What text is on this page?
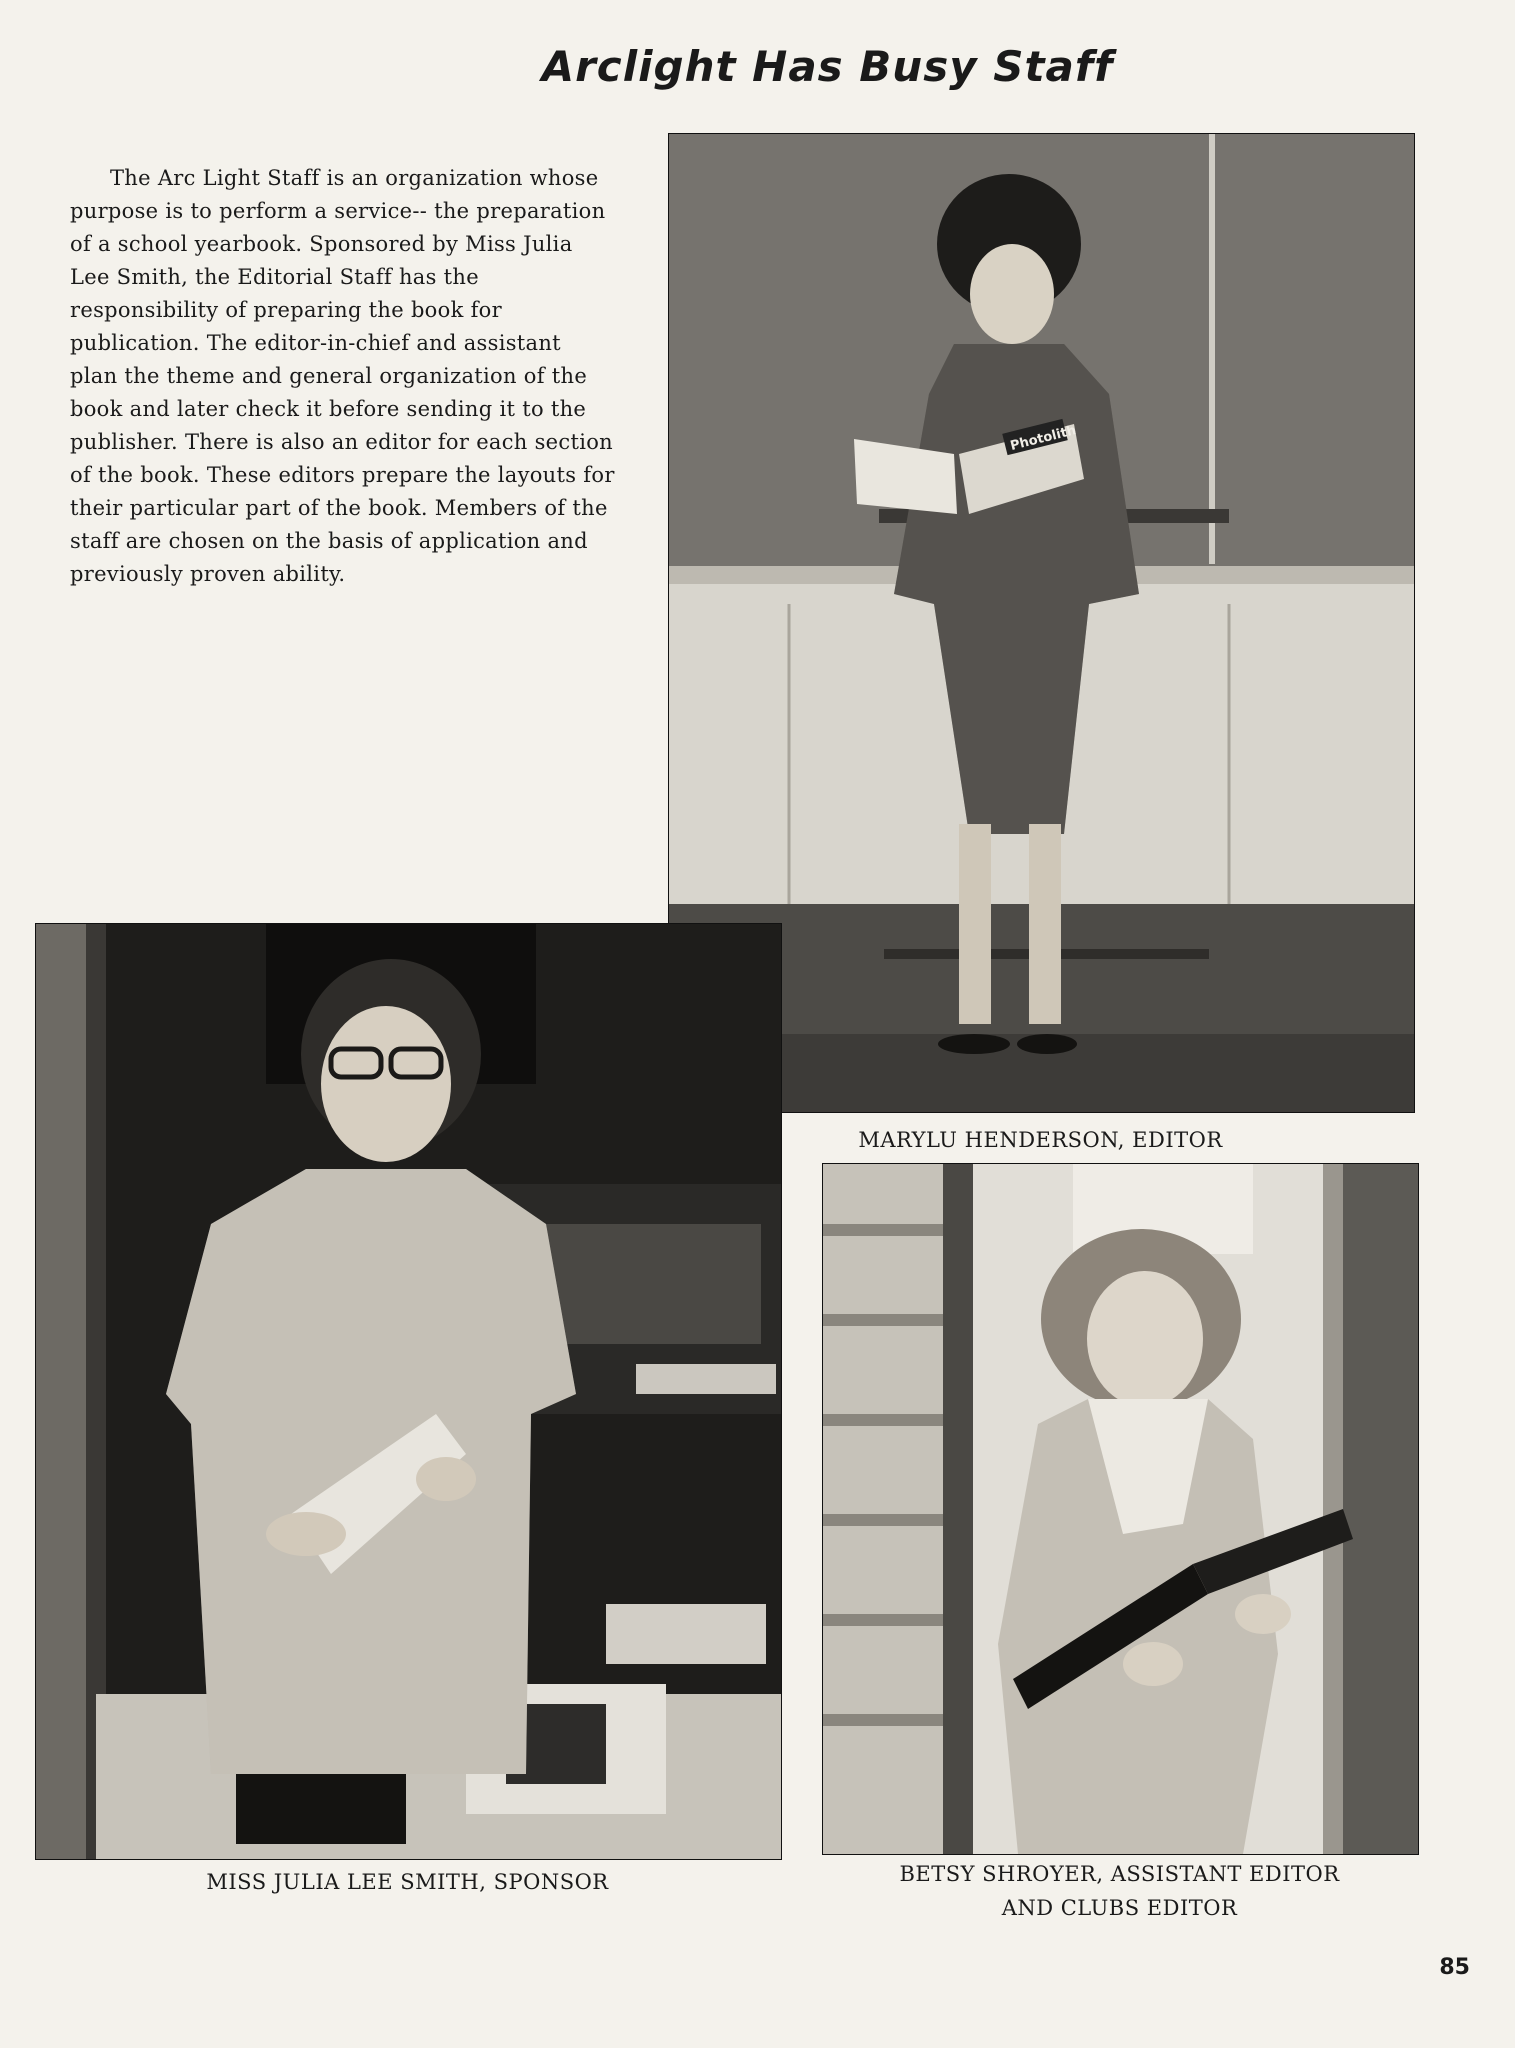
Arclight Has Busy Staff

The Arc Light Staff is an organization whose purpose is to perform a service-- the preparation of a school yearbook. Sponsored by Miss Julia Lee Smith, the Editorial Staff has the responsibility of preparing the book for publication. The editor-in-chief and assistant plan the theme and general organization of the book and later check it before sending it to the publisher. There is also an editor for each section of the book. These editors prepare the layouts for their particular part of the book. Members of the staff are chosen on the basis of application and previously proven ability.

Photolith
MARYLU HENDERSON, EDITOR
MISS JULIA LEE SMITH, SPONSOR	BETSY SHROYER, ASSISTANT EDITOR
AND CLUBS EDITOR
85
